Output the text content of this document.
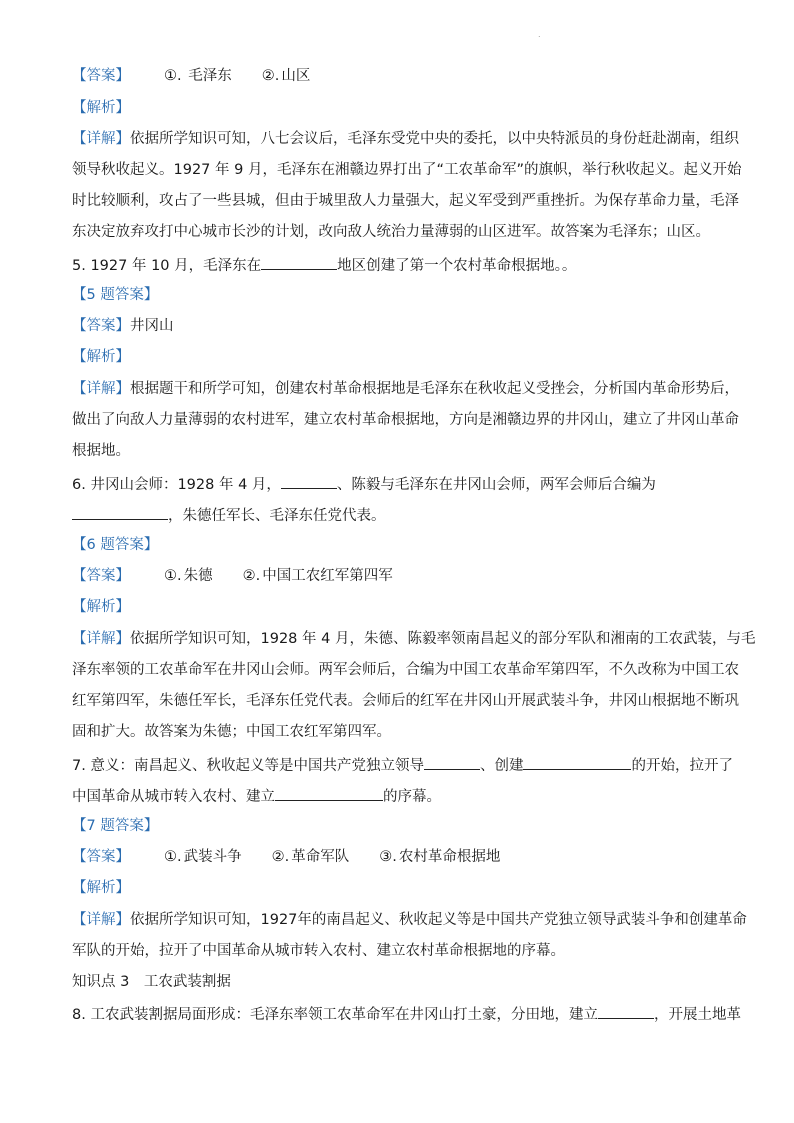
.
【答案】 ①. 毛泽东 ②. 山区
【解析】
【详解】依据所学知识可知，八七会议后，毛泽东受党中央的委托，以中央特派员的身份赶赴湖南，组织
领导秋收起义。1927 年 9 月，毛泽东在湘赣边界打出了“工农革命军”的旗帜，举行秋收起义。起义开始
时比较顺利，攻占了一些县城，但由于城里敌人力量强大，起义军受到严重挫折。为保存革命力量，毛泽
东决定放弃攻打中心城市长沙的计划，改向敌人统治力量薄弱的山区进军。故答案为毛泽东；山区。
5. 1927 年 10 月，毛泽东在	地区创建了第一个农村革命根据地。。
【5 题答案】
【答案】井冈山
【解析】
【详解】根据题干和所学可知，创建农村革命根据地是毛泽东在秋收起义受挫会，分析国内革命形势后，
做出了向敌人力量薄弱的农村进军，建立农村革命根据地，方向是湘赣边界的井冈山，建立了井冈山革命
根据地。
6. 井冈山会师：1928 年 4 月，	、陈毅与毛泽东在井冈山会师，两军会师后合编为
，朱德任军长、毛泽东任党代表。
【6 题答案】
【答案】 ①. 朱德 ②. 中国工农红军第四军
【解析】
【详解】依据所学知识可知，1928 年 4 月，朱德、陈毅率领南昌起义的部分军队和湘南的工农武装，与毛
泽东率领的工农革命军在井冈山会师。两军会师后，合编为中国工农革命军第四军，不久改称为中国工农
红军第四军，朱德任军长，毛泽东任党代表。会师后的红军在井冈山开展武装斗争，井冈山根据地不断巩
固和扩大。故答案为朱德；中国工农红军第四军。
7. 意义：南昌起义、秋收起义等是中国共产党独立领导	、创建	的开始，拉开了
中国革命从城市转入农村、建立	的序幕。
【7 题答案】
【答案】 ①. 武装斗争 ②. 革命军队 ③. 农村革命根据地
【解析】
【详解】依据所学知识可知，1927年的南昌起义、秋收起义等是中国共产党独立领导武装斗争和创建革命
军队的开始，拉开了中国革命从城市转入农村、建立农村革命根据地的序幕。
知识点 3　工农武装割据
8. 工农武装割据局面形成：毛泽东率领工农革命军在井冈山打土豪，分田地，建立	，开展土地革
